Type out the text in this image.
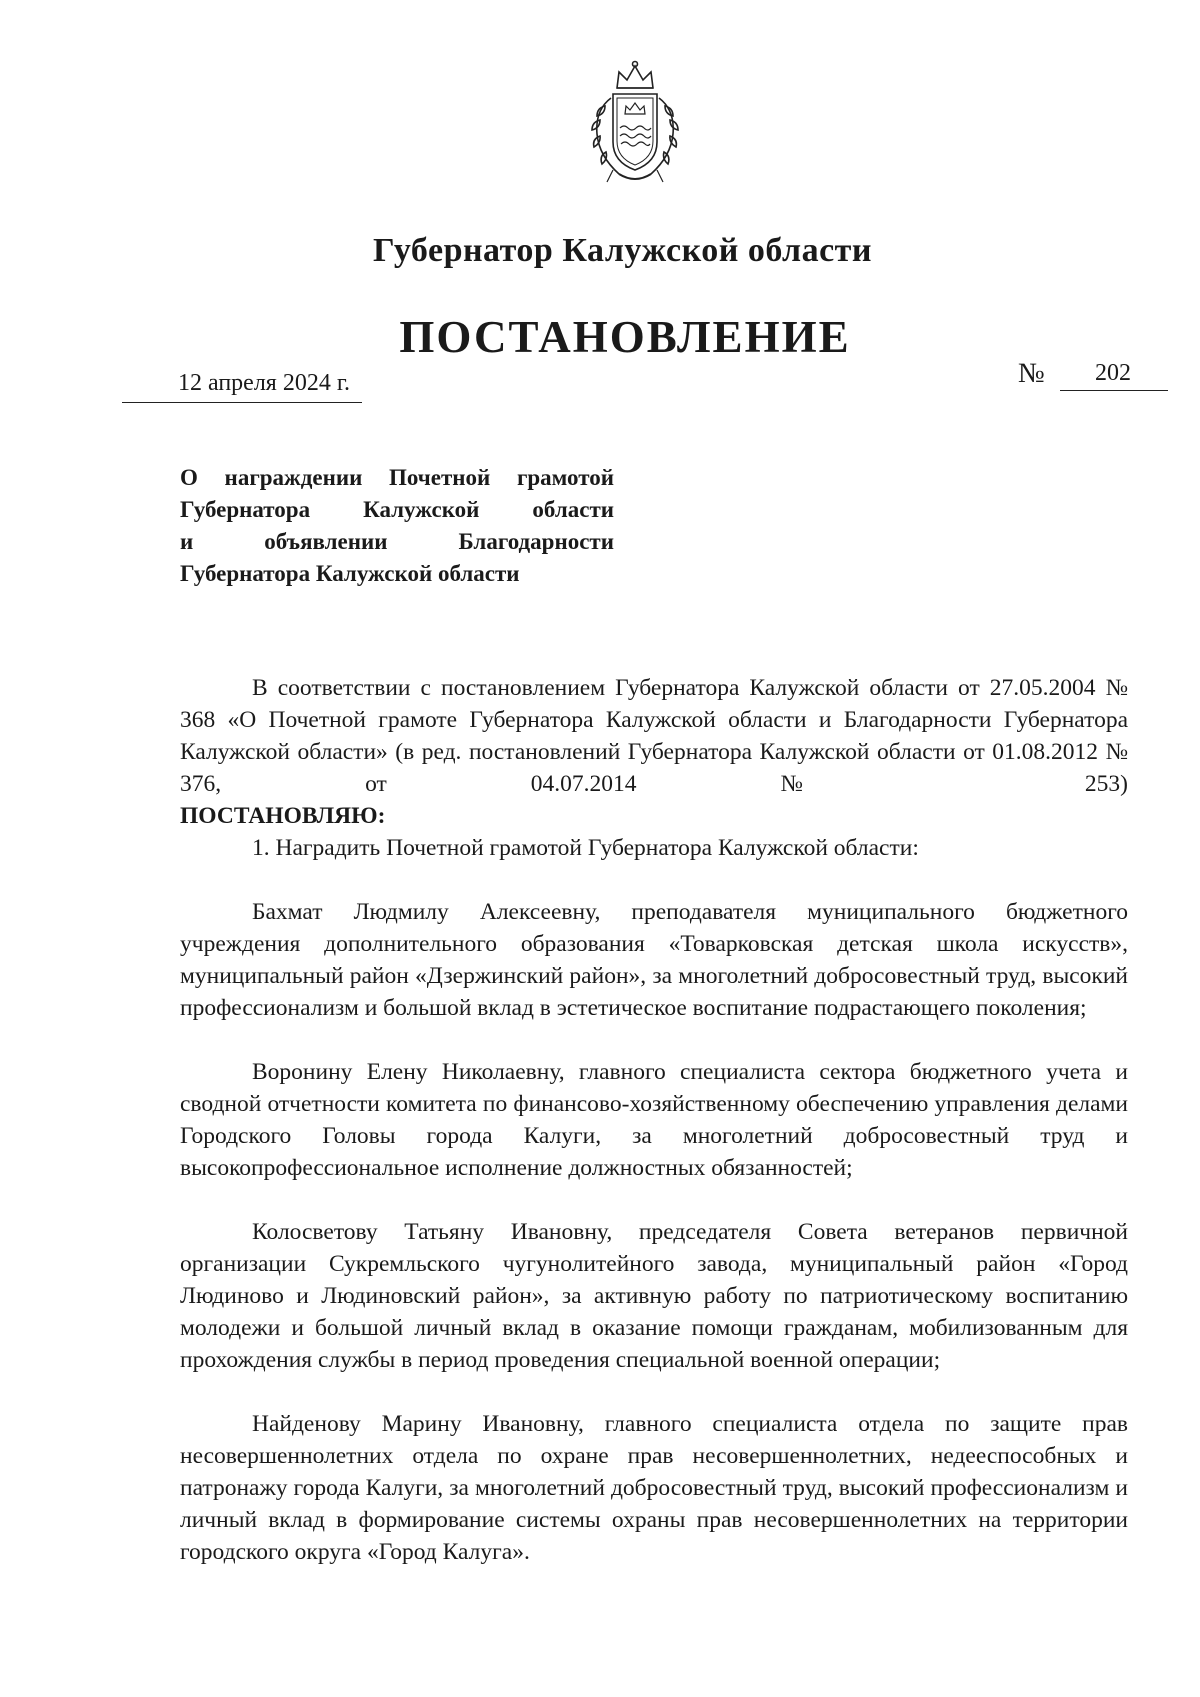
Губернатор Калужской области
ПОСТАНОВЛЕНИЕ
12 апреля 2024 г.	№ 202
О награждении Почетной грамотой
Губернатора Калужской области
и объявлении Благодарности
Губернатора Калужской области
В соответствии с постановлением Губернатора Калужской области от 27.05.2004 № 368 «О Почетной грамоте Губернатора Калужской области и Благодарности Губернатора Калужской области» (в ред. постановлений Губернатора Калужской области от 01.08.2012 № 376, от 04.07.2014 № 253)
ПОСТАНОВЛЯЮ:
1. Наградить Почетной грамотой Губернатора Калужской области:
Бахмат Людмилу Алексеевну, преподавателя муниципального бюджетного учреждения дополнительного образования «Товарковская детская школа искусств», муниципальный район «Дзержинский район», за многолетний добросовестный труд, высокий профессионализм и большой вклад в эстетическое воспитание подрастающего поколения;
Воронину Елену Николаевну, главного специалиста сектора бюджетного учета и сводной отчетности комитета по финансово-хозяйственному обеспечению управления делами Городского Головы города Калуги, за многолетний добросовестный труд и высокопрофессиональное исполнение должностных обязанностей;
Колосветову Татьяну Ивановну, председателя Совета ветеранов первичной организации Сукремльского чугунолитейного завода, муниципальный район «Город Людиново и Людиновский район», за активную работу по патриотическому воспитанию молодежи и большой личный вклад в оказание помощи гражданам, мобилизованным для прохождения службы в период проведения специальной военной операции;
Найденову Марину Ивановну, главного специалиста отдела по защите прав несовершеннолетних отдела по охране прав несовершеннолетних, недееспособных и патронажу города Калуги, за многолетний добросовестный труд, высокий профессионализм и личный вклад в формирование системы охраны прав несовершеннолетних на территории городского округа «Город Калуга».
